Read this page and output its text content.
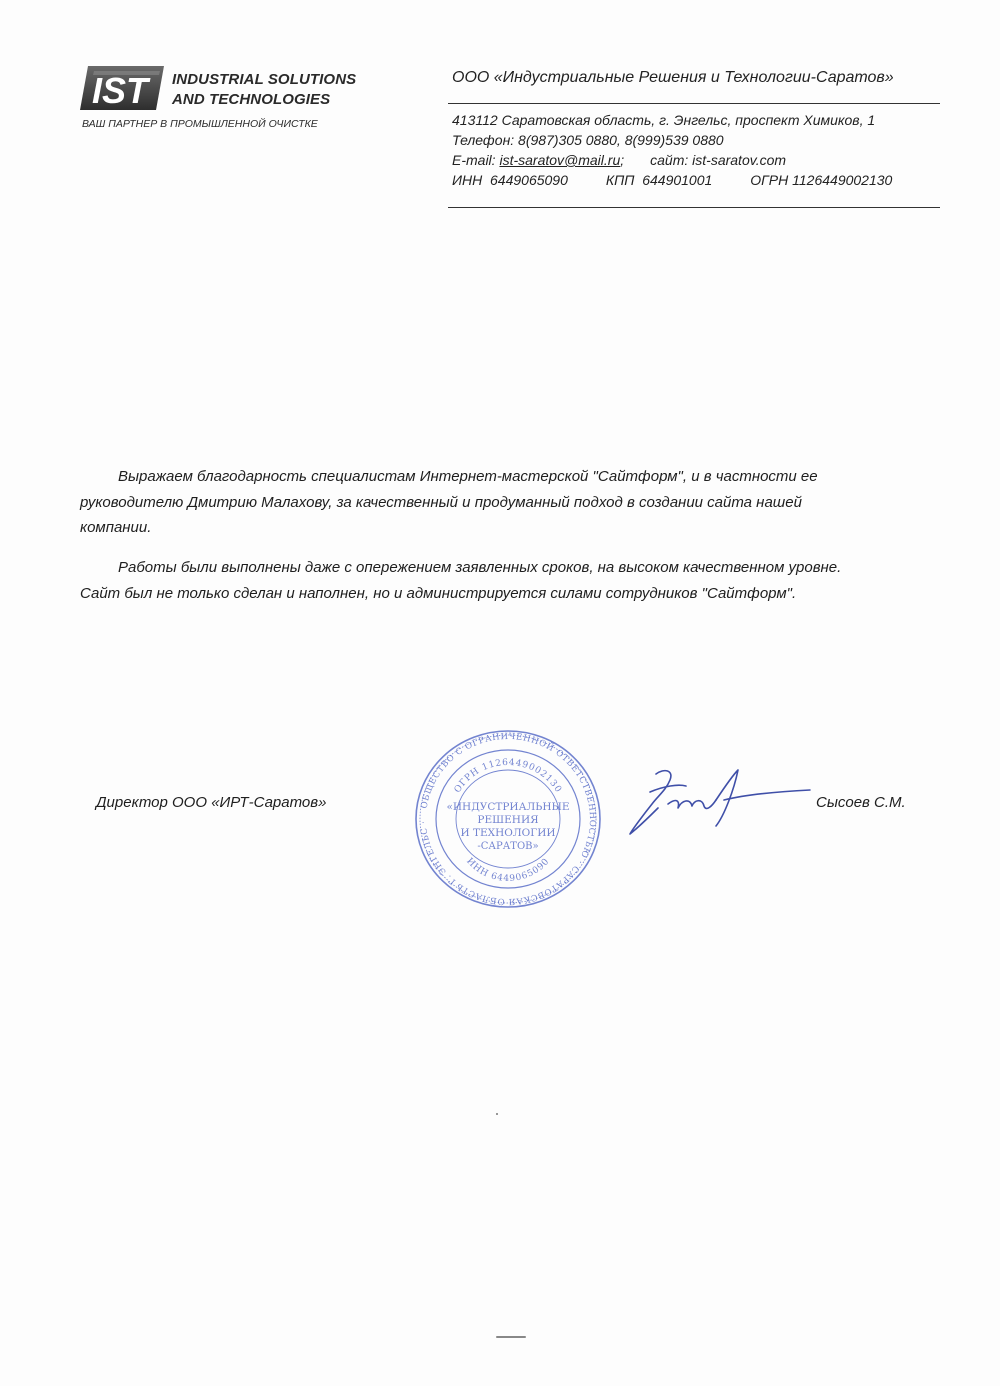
IST INDUSTRIAL SOLUTIONS
AND TECHNOLOGIES
ВАШ ПАРТНЕР В ПРОМЫШЛЕННОЙ ОЧИСТКЕ
ООО «Индустриальные Решения и Технологии-Саратов»
413112 Саратовская область, г. Энгельс, проспект Химиков, 1
Телефон: 8(987)305 0880, 8(999)539 0880
E-mail: ist-saratov@mail.ru; сайт: ist-saratov.com
ИНН  6449065090	КПП  644901001	ОГРН 1126449002130
Выражаем благодарность специалистам Интернет-мастерской "Сайтформ", и в частности ее
руководителю Дмитрию Малахову, за качественный и продуманный подход в создании сайта нашей
компании.
Работы были выполнены даже с опережением заявленных сроков, на высоком качественном уровне.
Сайт был не только сделан и наполнен, но и администрируется силами сотрудников "Сайтформ".
Директор ООО «ИРТ-Саратов»	ОБЩЕСТВО С ОГРАНИЧЕННОЙ ОТВЕТСТВЕННОСТЬЮ · САРАТОВСКАЯ ОБЛАСТЬ Г. ЭНГЕЛЬС ·
ОГРН 1126449002130
ИНН 6449065090
«ИНДУСТРИАЛЬНЫЕ
РЕШЕНИЯ
И ТЕХНОЛОГИИ
-САРАТОВ»
Сысоев С.М.
